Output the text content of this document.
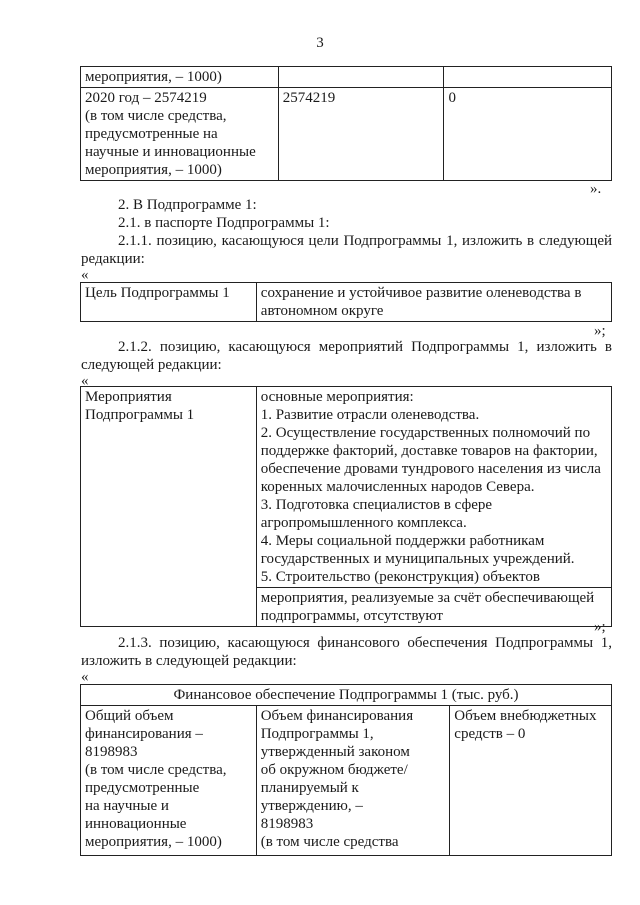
3
мероприятия, – 1000)		
2020 год – 2574219
(в том числе средства,
предусмотренные на
научные и инновационные
мероприятия, – 1000)	2574219	0
».
2. В Подпрограмме 1:
2.1. в паспорте Подпрограммы 1:
2.1.1. позицию, касающуюся цели Подпрограммы 1, изложить в следующей
редакции:
«
Цель Подпрограммы 1	сохранение и устойчивое развитие оленеводства в
автономном округе
»;
2.1.2. позицию, касающуюся мероприятий Подпрограммы 1, изложить в
следующей редакции:
«
Мероприятия
Подпрограммы 1	основные мероприятия:
1. Развитие отрасли оленеводства.
2. Осуществление государственных полномочий по
поддержке факторий, доставке товаров на фактории,
обеспечение дровами тундрового населения из числа
коренных малочисленных народов Севера.
3. Подготовка специалистов в сфере
агропромышленного комплекса.
4. Меры социальной поддержки работникам
государственных и муниципальных учреждений.
5. Строительство (реконструкция) объектов
мероприятия, реализуемые за счёт обеспечивающей
подпрограммы, отсутствуют
»;
2.1.3. позицию, касающуюся финансового обеспечения Подпрограммы 1,
изложить в следующей редакции:
«
Финансовое обеспечение Подпрограммы 1 (тыс. руб.)
Общий объем
финансирования –
8198983
(в том числе средства,
предусмотренные
на научные и
инновационные
мероприятия, – 1000)	Объем финансирования
Подпрограммы 1,
утвержденный законом
об окружном бюджете/
планируемый к
утверждению, –
8198983
(в том числе средства	Объем внебюджетных
средств – 0
